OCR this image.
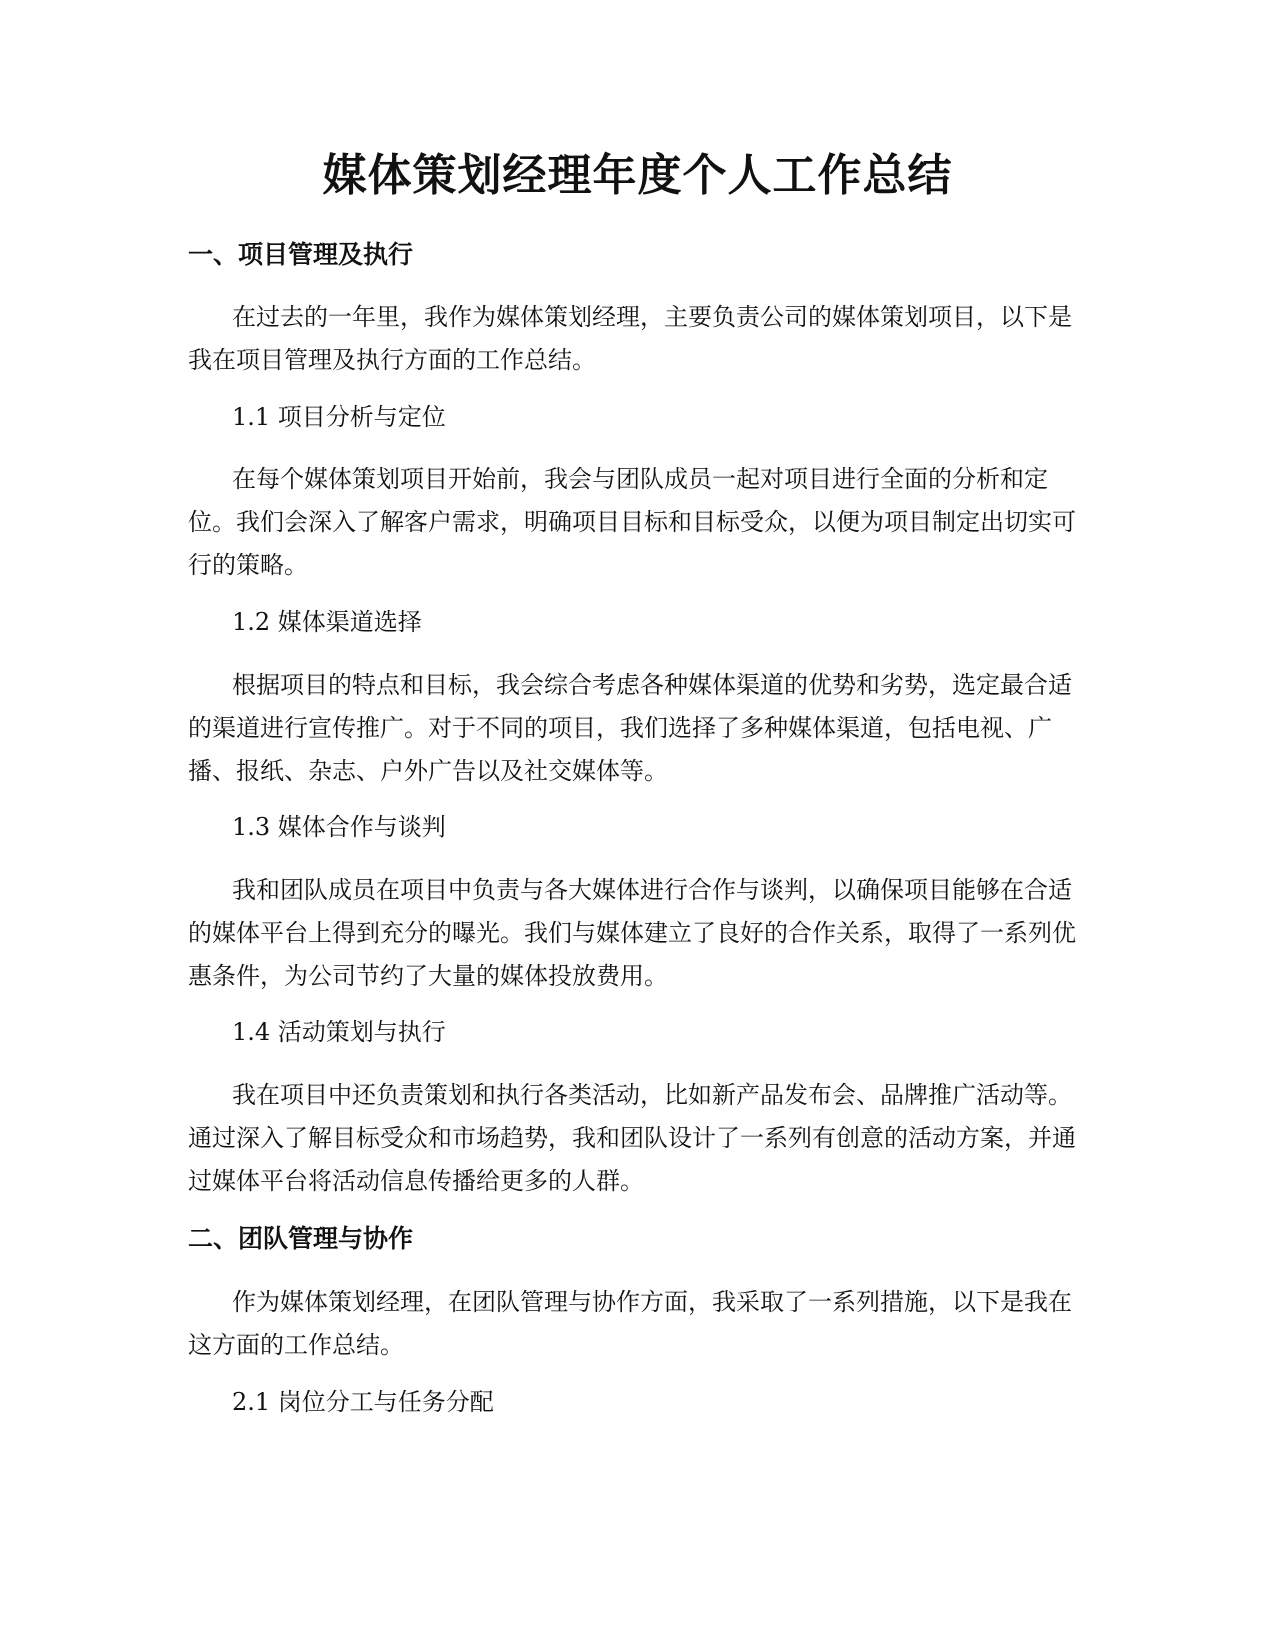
媒体策划经理年度个人工作总结
一、项目管理及执行

在过去的一年里，我作为媒体策划经理，主要负责公司的媒体策划项目，以下是我在项目管理及执行方面的工作总结。

1.1 项目分析与定位

在每个媒体策划项目开始前，我会与团队成员一起对项目进行全面的分析和定位。我们会深入了解客户需求，明确项目目标和目标受众，以便为项目制定出切实可行的策略。

1.2 媒体渠道选择

根据项目的特点和目标，我会综合考虑各种媒体渠道的优势和劣势，选定最合适的渠道进行宣传推广。对于不同的项目，我们选择了多种媒体渠道，包括电视、广播、报纸、杂志、户外广告以及社交媒体等。

1.3 媒体合作与谈判

我和团队成员在项目中负责与各大媒体进行合作与谈判，以确保项目能够在合适的媒体平台上得到充分的曝光。我们与媒体建立了良好的合作关系，取得了一系列优惠条件，为公司节约了大量的媒体投放费用。

1.4 活动策划与执行

我在项目中还负责策划和执行各类活动，比如新产品发布会、品牌推广活动等。通过深入了解目标受众和市场趋势，我和团队设计了一系列有创意的活动方案，并通过媒体平台将活动信息传播给更多的人群。

二、团队管理与协作

作为媒体策划经理，在团队管理与协作方面，我采取了一系列措施，以下是我在这方面的工作总结。

2.1 岗位分工与任务分配
